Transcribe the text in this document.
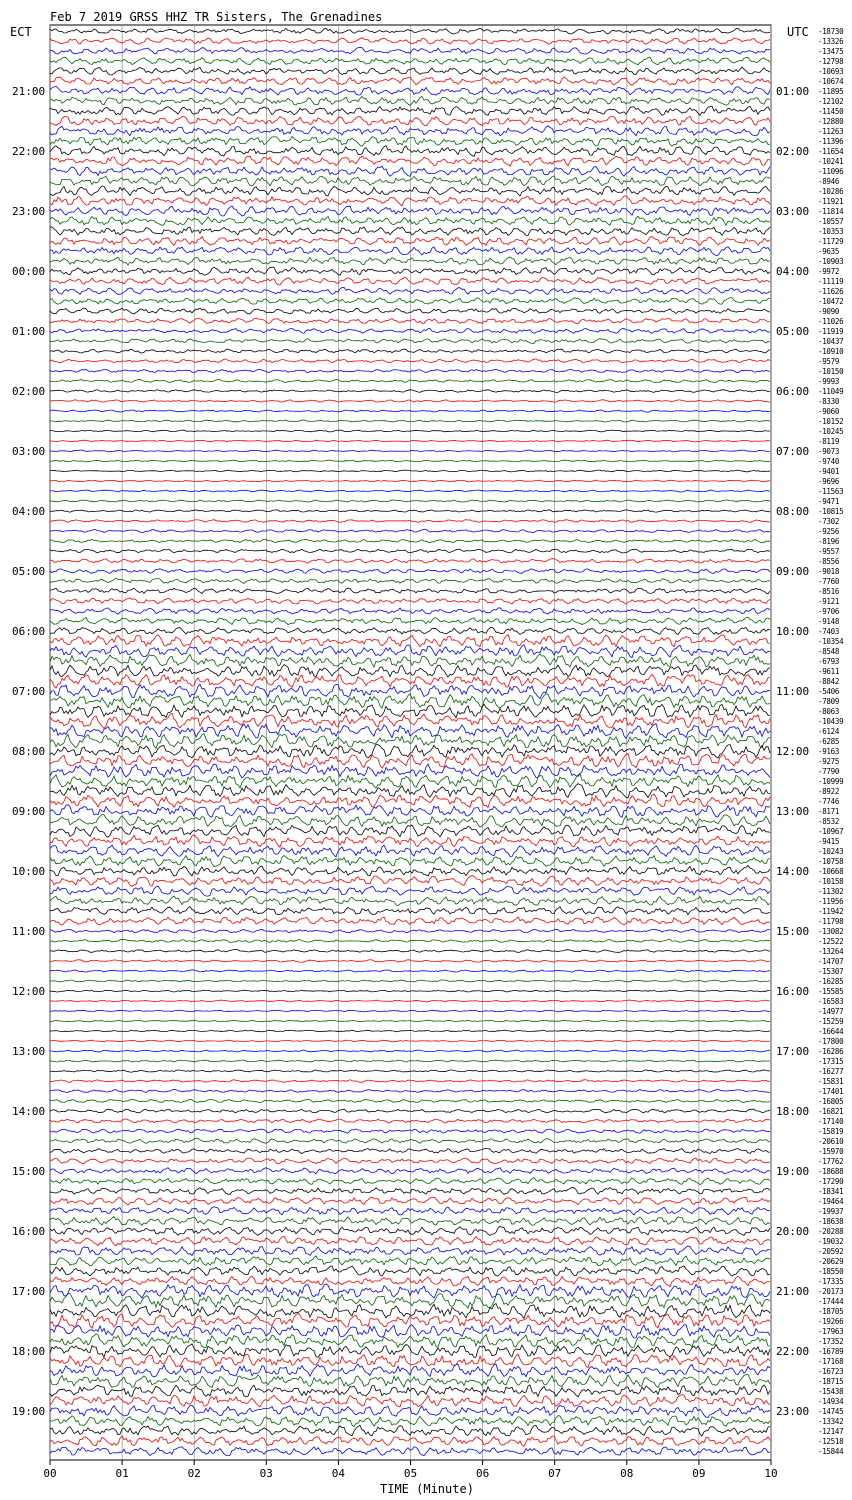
Feb 7 2019 GRSS HHZ TR Sisters, The Grenadines
ECT	UTC
00	01	02	03	04	05	06	07	08	09	10
-18730
-13326
-13475
-12798
-10693
-10674
-11895
-12102
-11450
-12880
-11263
-11396
-11654
-10241
-11096
-8946
-10286
-11921
-11814
-10557
-10353
-11729
-9635
-10903
-9972
-11119
-11626
-10472
-9090
-11026
-11919
-10437
-10910
-9579
-10150
-9993
-11049
-8330
-9060
-10152
-10245
-8119
-9073
-9740
-9401
-9696
-11563
-9471
-10815
-7302
-9256
-8196
-9557
-8556
-9018
-7760
-8516
-9121
-9706
-9148
-7403
-10354
-8548
-6793
-9611
-8842
-5406
-7809
-8063
-10439
-6124
-6285
-9163
-9275
-7790
-10999
-8922
-7746
-8171
-8532
-10967
-9415
-10243
-10758
-10668
-10158
-11302
-11956
-11942
-11798
-13082
-12522
-13264
-14707
-15307
-16285
-15585
-16583
-14977
-15259
-16644
-17800
-16286
-17315
-16277
-15831
-17401
-16805
-16821
-17140
-15819
-20610
-15970
-17762
-18688
-17290
-18341
-19464
-19937
-18638
-20288
-19032
-20592
-20629
-18550
-17335
-20173
-17444
-18705
-19266
-17963
-17352
-16789
-17168
-16723
-18715
-15438
-14934
-14745
-13342
-12147
-12518
-15844
21:00
22:00
23:00
00:00
01:00
02:00
03:00
04:00
05:00
06:00
07:00
08:00
09:00
10:00
11:00
12:00
13:00
14:00
15:00
16:00
17:00
18:00
19:00
01:00
02:00
03:00
04:00
05:00
06:00
07:00
08:00
09:00
10:00
11:00
12:00
13:00
14:00
15:00
16:00
17:00
18:00
19:00
20:00
21:00
22:00
23:00
TIME (Minute)
